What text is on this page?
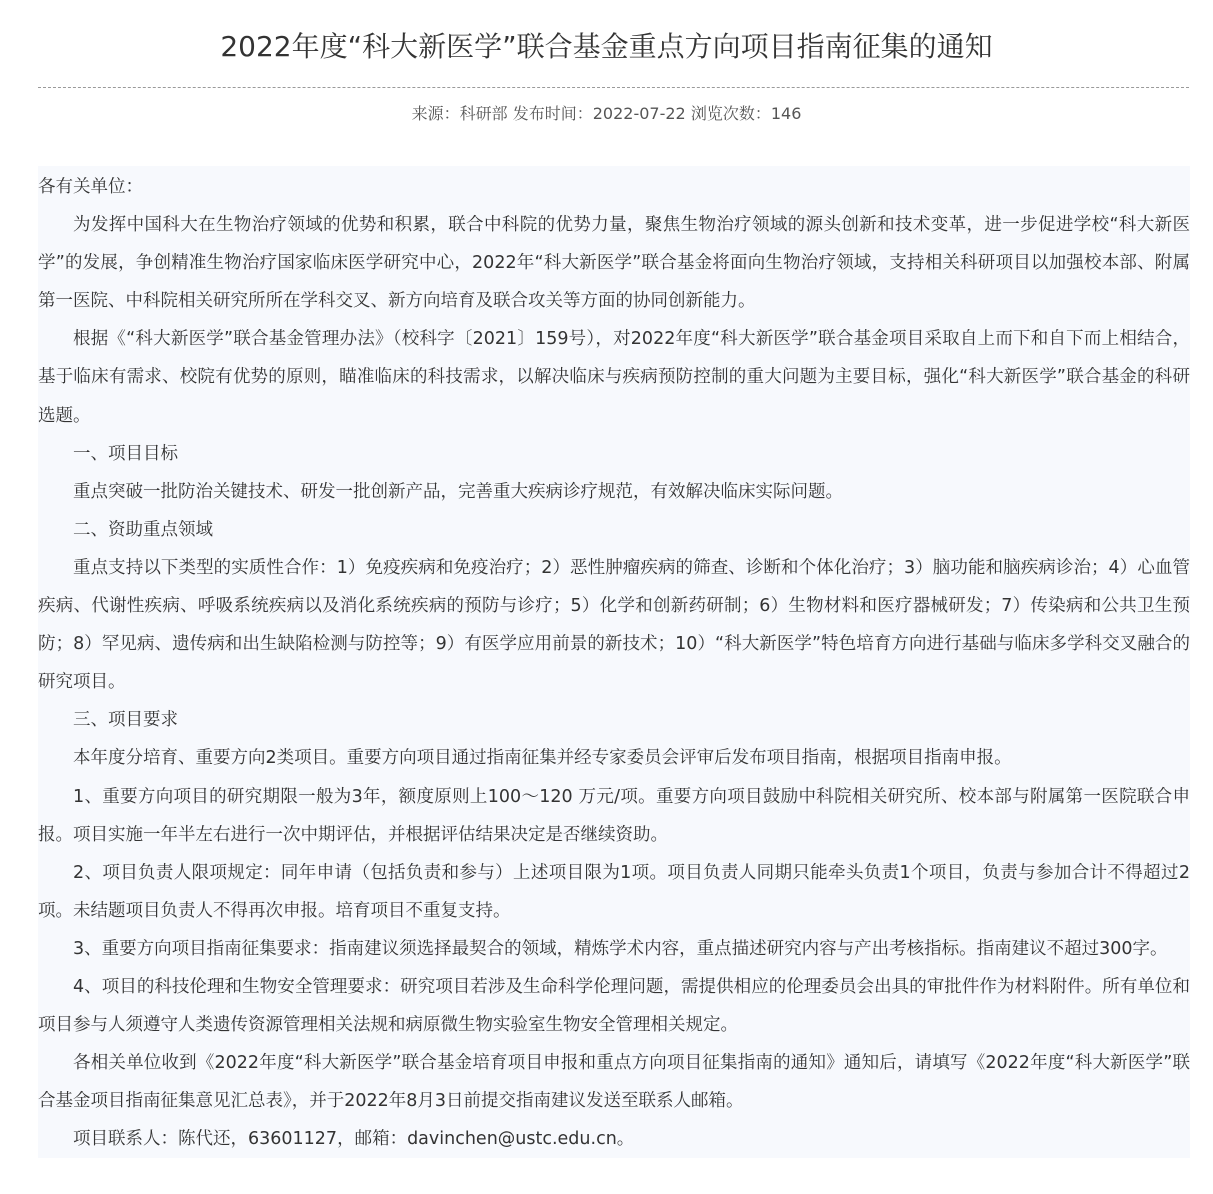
2022年度“科大新医学”联合基金重点方向项目指南征集的通知
来源：科研部 发布时间：2022-07-22 浏览次数：146

各有关单位：

为发挥中国科大在生物治疗领域的优势和积累，联合中科院的优势力量，聚焦生物治疗领域的源头创新和技术变革，进一步促进学校“科大新医学”的发展，争创精准生物治疗国家临床医学研究中心，2022年“科大新医学”联合基金将面向生物治疗领域，支持相关科研项目以加强校本部、附属第一医院、中科院相关研究所所在学科交叉、新方向培育及联合攻关等方面的协同创新能力。

根据《“科大新医学”联合基金管理办法》（校科字〔2021〕159号），对2022年度“科大新医学”联合基金项目采取自上而下和自下而上相结合，基于临床有需求、校院有优势的原则，瞄准临床的科技需求，以解决临床与疾病预防控制的重大问题为主要目标，强化“科大新医学”联合基金的科研选题。

一、项目目标

重点突破一批防治关键技术、研发一批创新产品，完善重大疾病诊疗规范，有效解决临床实际问题。

二、资助重点领域

重点支持以下类型的实质性合作：1）免疫疾病和免疫治疗；2）恶性肿瘤疾病的筛查、诊断和个体化治疗；3）脑功能和脑疾病诊治；4）心血管疾病、代谢性疾病、呼吸系统疾病以及消化系统疾病的预防与诊疗；5）化学和创新药研制；6）生物材料和医疗器械研发；7）传染病和公共卫生预防；8）罕见病、遗传病和出生缺陷检测与防控等；9）有医学应用前景的新技术；10）“科大新医学”特色培育方向进行基础与临床多学科交叉融合的研究项目。

三、项目要求

本年度分培育、重要方向2类项目。重要方向项目通过指南征集并经专家委员会评审后发布项目指南，根据项目指南申报。

1、重要方向项目的研究期限一般为3年，额度原则上100～120 万元/项。重要方向项目鼓励中科院相关研究所、校本部与附属第一医院联合申报。项目实施一年半左右进行一次中期评估，并根据评估结果决定是否继续资助。

2、项目负责人限项规定：同年申请（包括负责和参与）上述项目限为1项。项目负责人同期只能牵头负责1个项目，负责与参加合计不得超过2项。未结题项目负责人不得再次申报。培育项目不重复支持。

3、重要方向项目指南征集要求：指南建议须选择最契合的领域，精炼学术内容，重点描述研究内容与产出考核指标。指南建议不超过300字。

4、项目的科技伦理和生物安全管理要求：研究项目若涉及生命科学伦理问题，需提供相应的伦理委员会出具的审批件作为材料附件。所有单位和项目参与人须遵守人类遗传资源管理相关法规和病原微生物实验室生物安全管理相关规定。

各相关单位收到《2022年度“科大新医学”联合基金培育项目申报和重点方向项目征集指南的通知》通知后，请填写《2022年度“科大新医学”联合基金项目指南征集意见汇总表》，并于2022年8月3日前提交指南建议发送至联系人邮箱。

项目联系人：陈代还，63601127，邮箱：davinchen@ustc.edu.cn。
